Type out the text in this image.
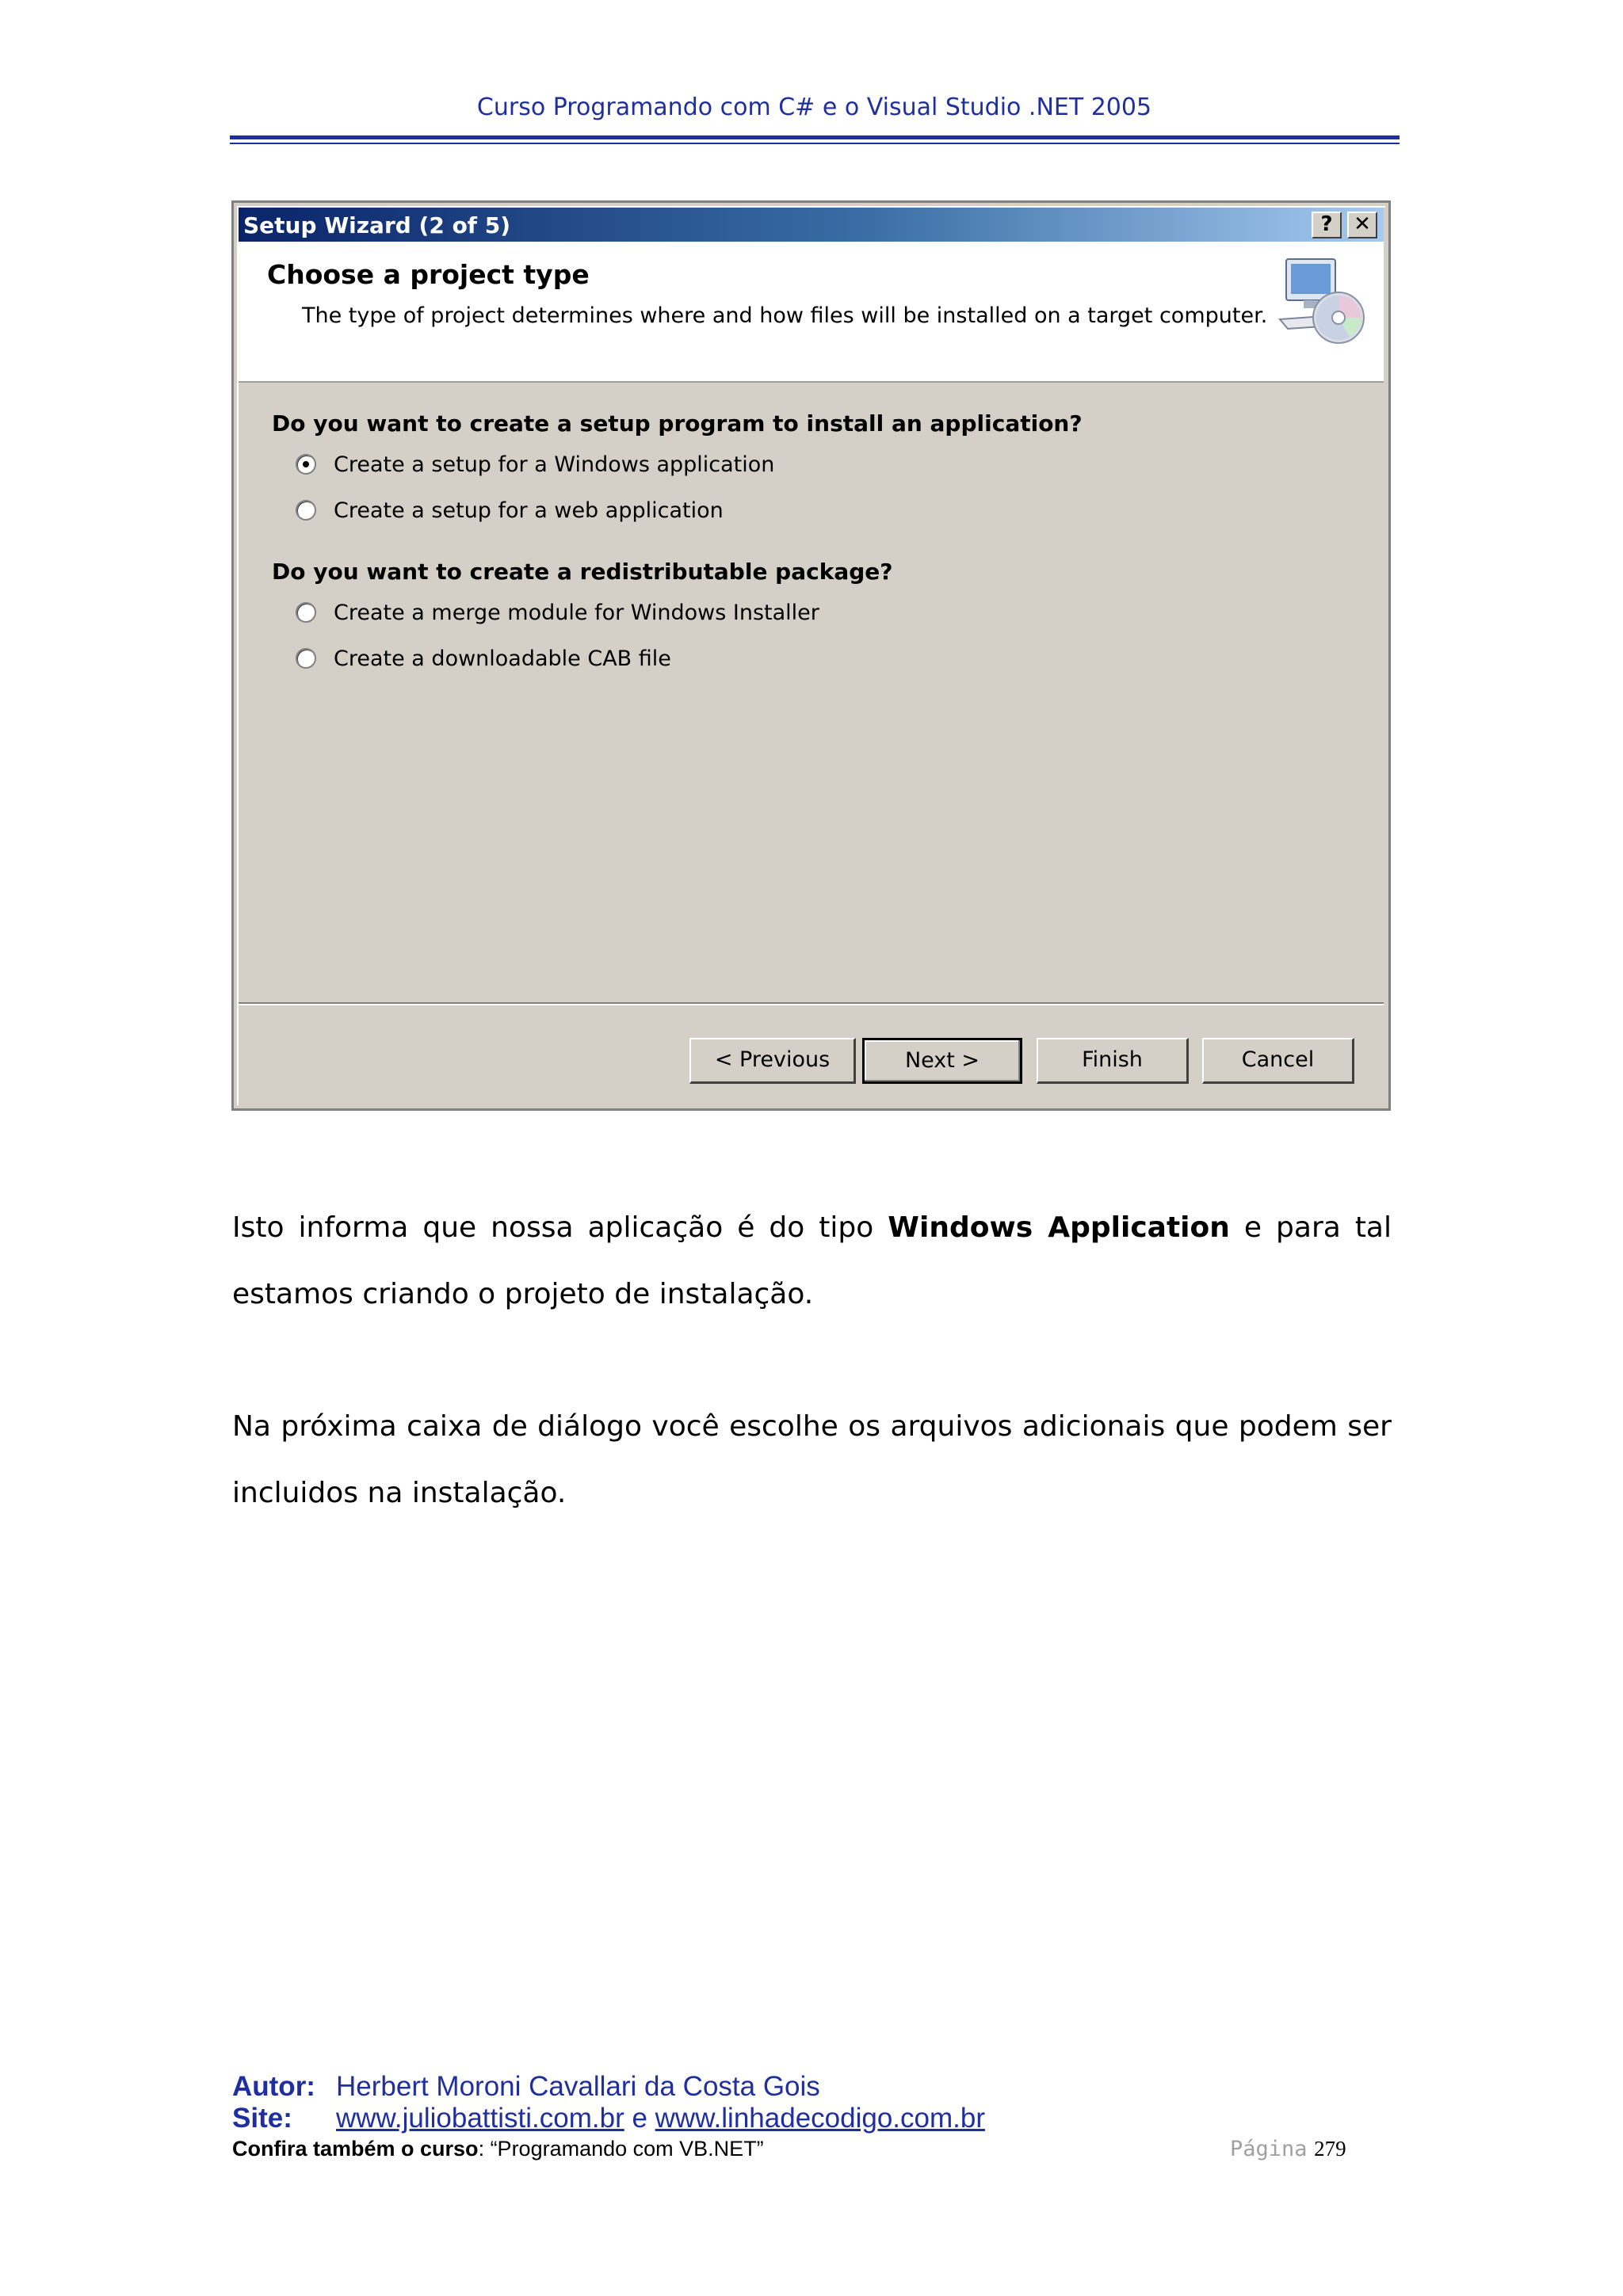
Curso Programando com C# e o Visual Studio .NET 2005
Setup Wizard (2 of 5)	?	✕
Choose a project type
The type of project determines where and how files will be installed on a target computer.
Do you want to create a setup program to install an application?
Create a setup for a Windows application
Create a setup for a web application
Do you want to create a redistributable package?
Create a merge module for Windows Installer
Create a downloadable CAB file
< Previous	Next >	Finish	Cancel
Isto informa que nossa aplicação é do tipo Windows Application e para tal
estamos criando o projeto de instalação.
Na próxima caixa de diálogo você escolhe os arquivos adicionais que podem ser
incluidos na instalação.
Autor: Herbert Moroni Cavallari da Costa Gois
Site: www.juliobattisti.com.br e www.linhadecodigo.com.br
Confira também o curso: “Programando com VB.NET”	Página 279
